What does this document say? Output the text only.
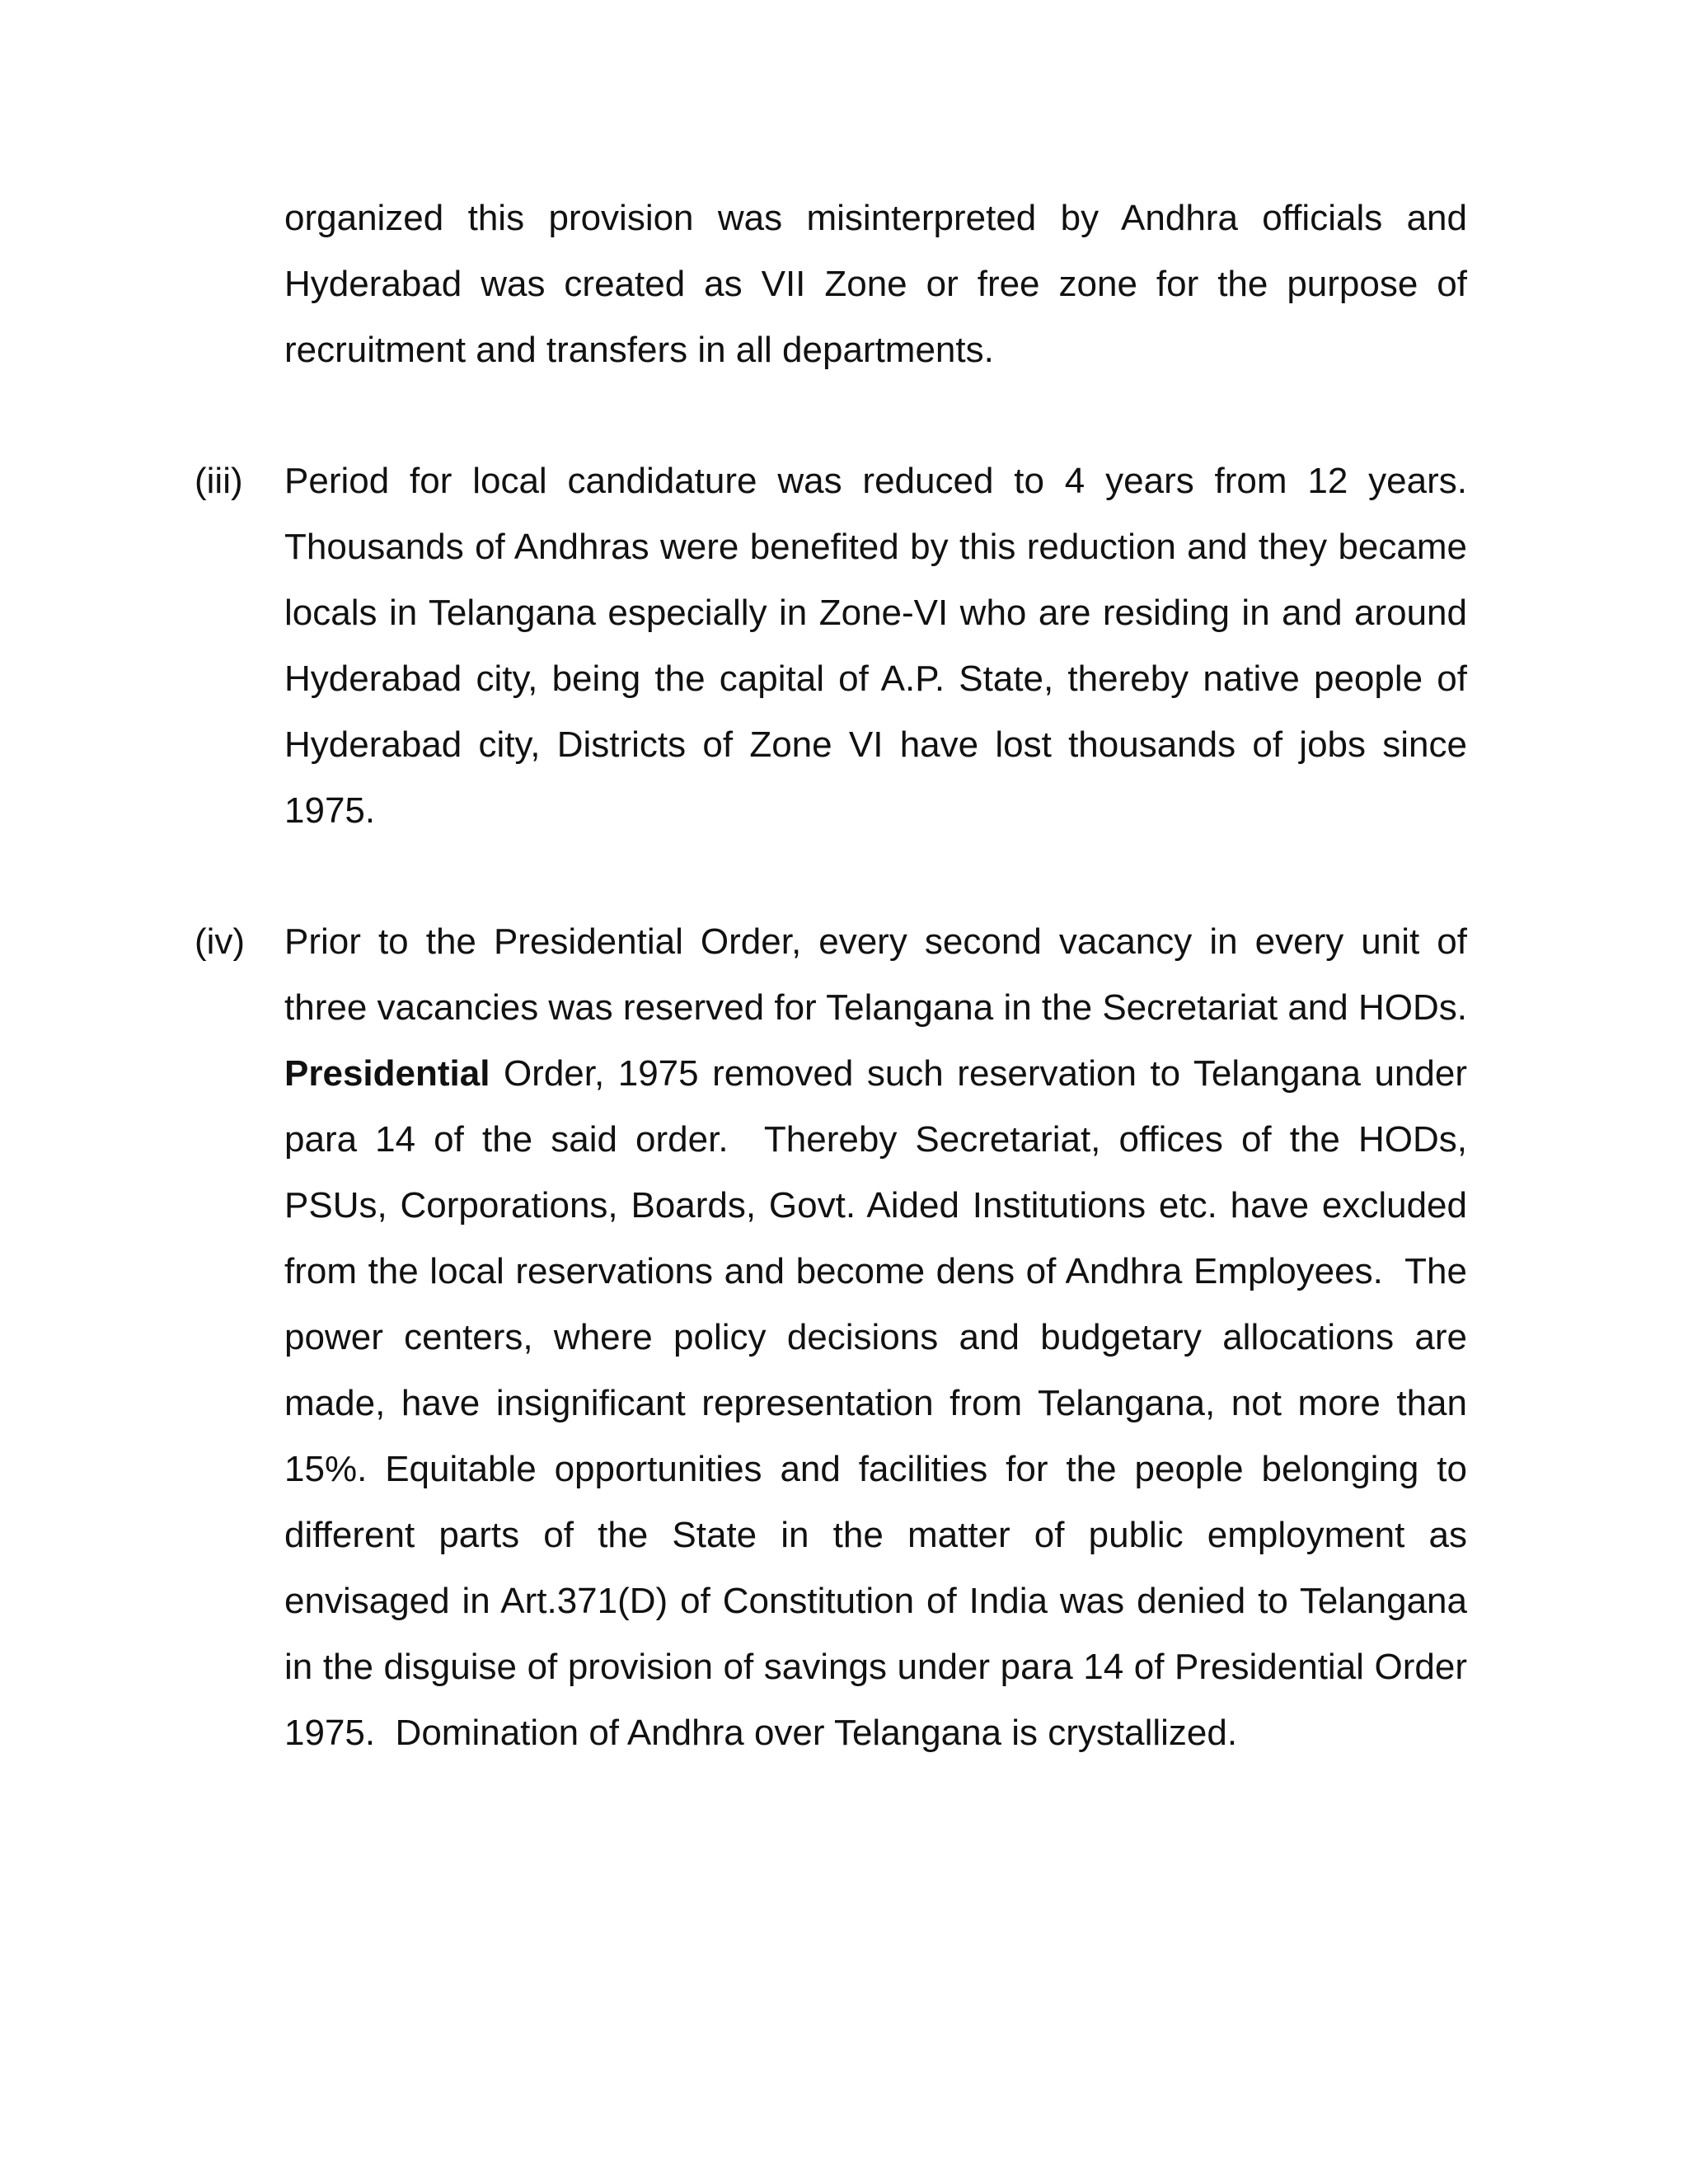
organized this provision was misinterpreted by Andhra officials and Hyderabad was created as VII Zone or free zone for the purpose of recruitment and transfers in all departments.

(iii) Period for local candidature was reduced to 4 years from 12 years. Thousands of Andhras were benefited by this reduction and they became locals in Telangana especially in Zone-VI who are residing in and around Hyderabad city, being the capital of A.P. State, thereby native people of Hyderabad city, Districts of Zone VI have lost thousands of jobs since 1975.

(iv) Prior to the Presidential Order, every second vacancy in every unit of three vacancies was reserved for Telangana in the Secretariat and HODs.  Presidential Order, 1975 removed such reservation to Telangana under para 14 of the said order.  Thereby Secretariat, offices of the HODs, PSUs, Corporations, Boards, Govt. Aided Institutions etc. have excluded from the local reservations and become dens of Andhra Employees.  The power centers, where policy decisions and budgetary allocations are made, have insignificant representation from Telangana, not more than 15%. Equitable opportunities and facilities for the people belonging to different parts of the State in the matter of public employment as envisaged in Art.371(D) of Constitution of India was denied to Telangana in the disguise of provision of savings under para 14 of Presidential Order 1975.  Domination of Andhra over Telangana is crystallized.
